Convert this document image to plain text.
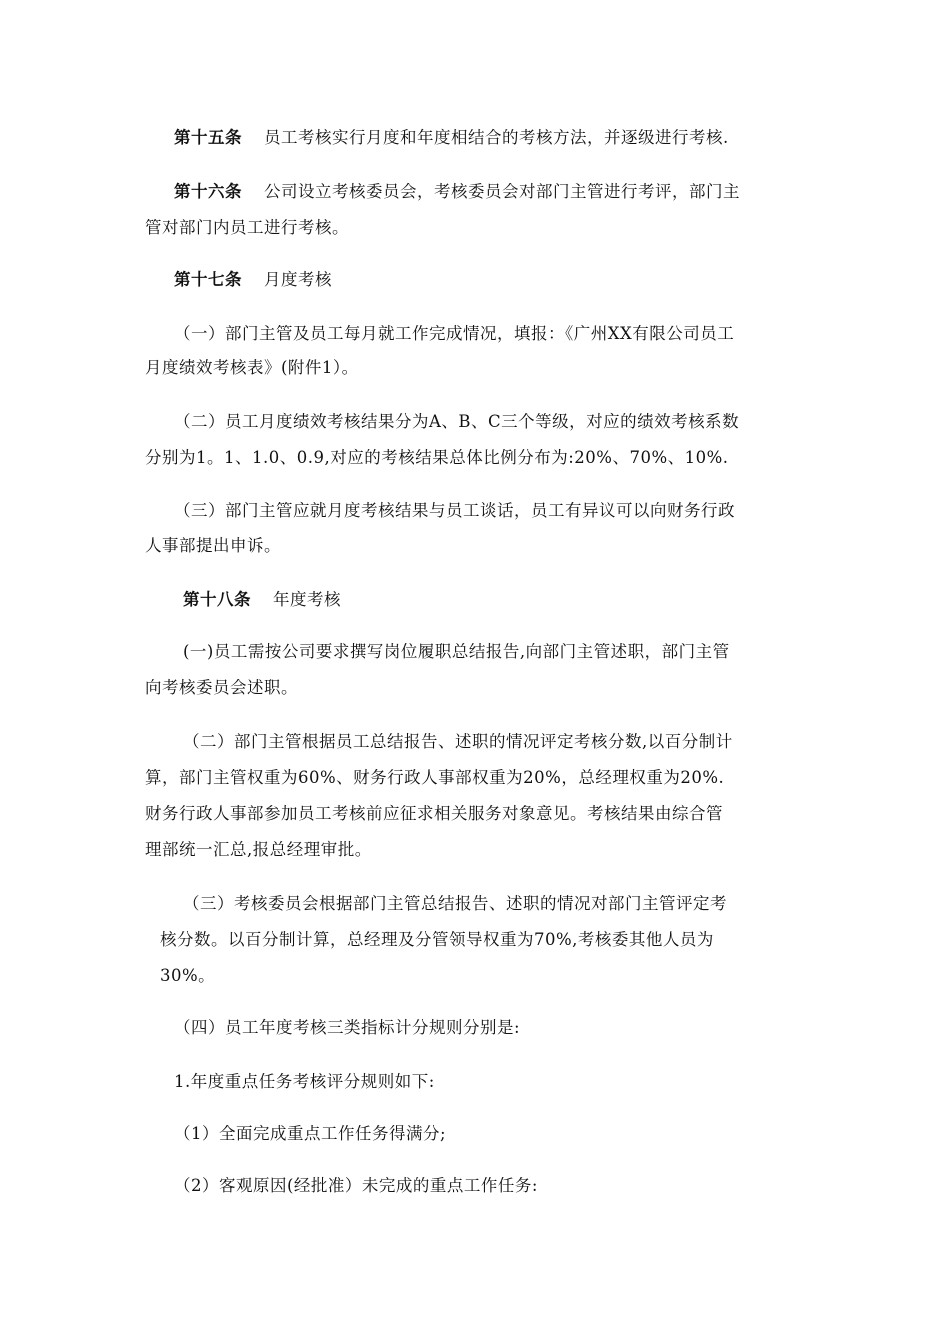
第十五条 员工考核实行月度和年度相结合的考核方法，并逐级进行考核.
第十六条 公司设立考核委员会，考核委员会对部门主管进行考评，部门主
管对部门内员工进行考核。
第十七条 月度考核
（一）部门主管及员工每月就工作完成情况，填报：《广州XX有限公司员工
月度绩效考核表》(附件1）。
（二）员工月度绩效考核结果分为A、B、C三个等级，对应的绩效考核系数
分别为1。1、1.0、0.9,对应的考核结果总体比例分布为:20%、70%、10%.
（三）部门主管应就月度考核结果与员工谈话，员工有异议可以向财务行政
人事部提出申诉。
第十八条 年度考核
(一)员工需按公司要求撰写岗位履职总结报告,向部门主管述职，部门主管
向考核委员会述职。
（二）部门主管根据员工总结报告、述职的情况评定考核分数,以百分制计
算，部门主管权重为60%、财务行政人事部权重为20%，总经理权重为20%.
财务行政人事部参加员工考核前应征求相关服务对象意见。考核结果由综合管
理部统一汇总,报总经理审批。
（三）考核委员会根据部门主管总结报告、述职的情况对部门主管评定考
核分数。以百分制计算，总经理及分管领导权重为70%,考核委其他人员为
30%。
（四）员工年度考核三类指标计分规则分别是:
1.年度重点任务考核评分规则如下:
（1）全面完成重点工作任务得满分;
（2）客观原因(经批准）未完成的重点工作任务:
